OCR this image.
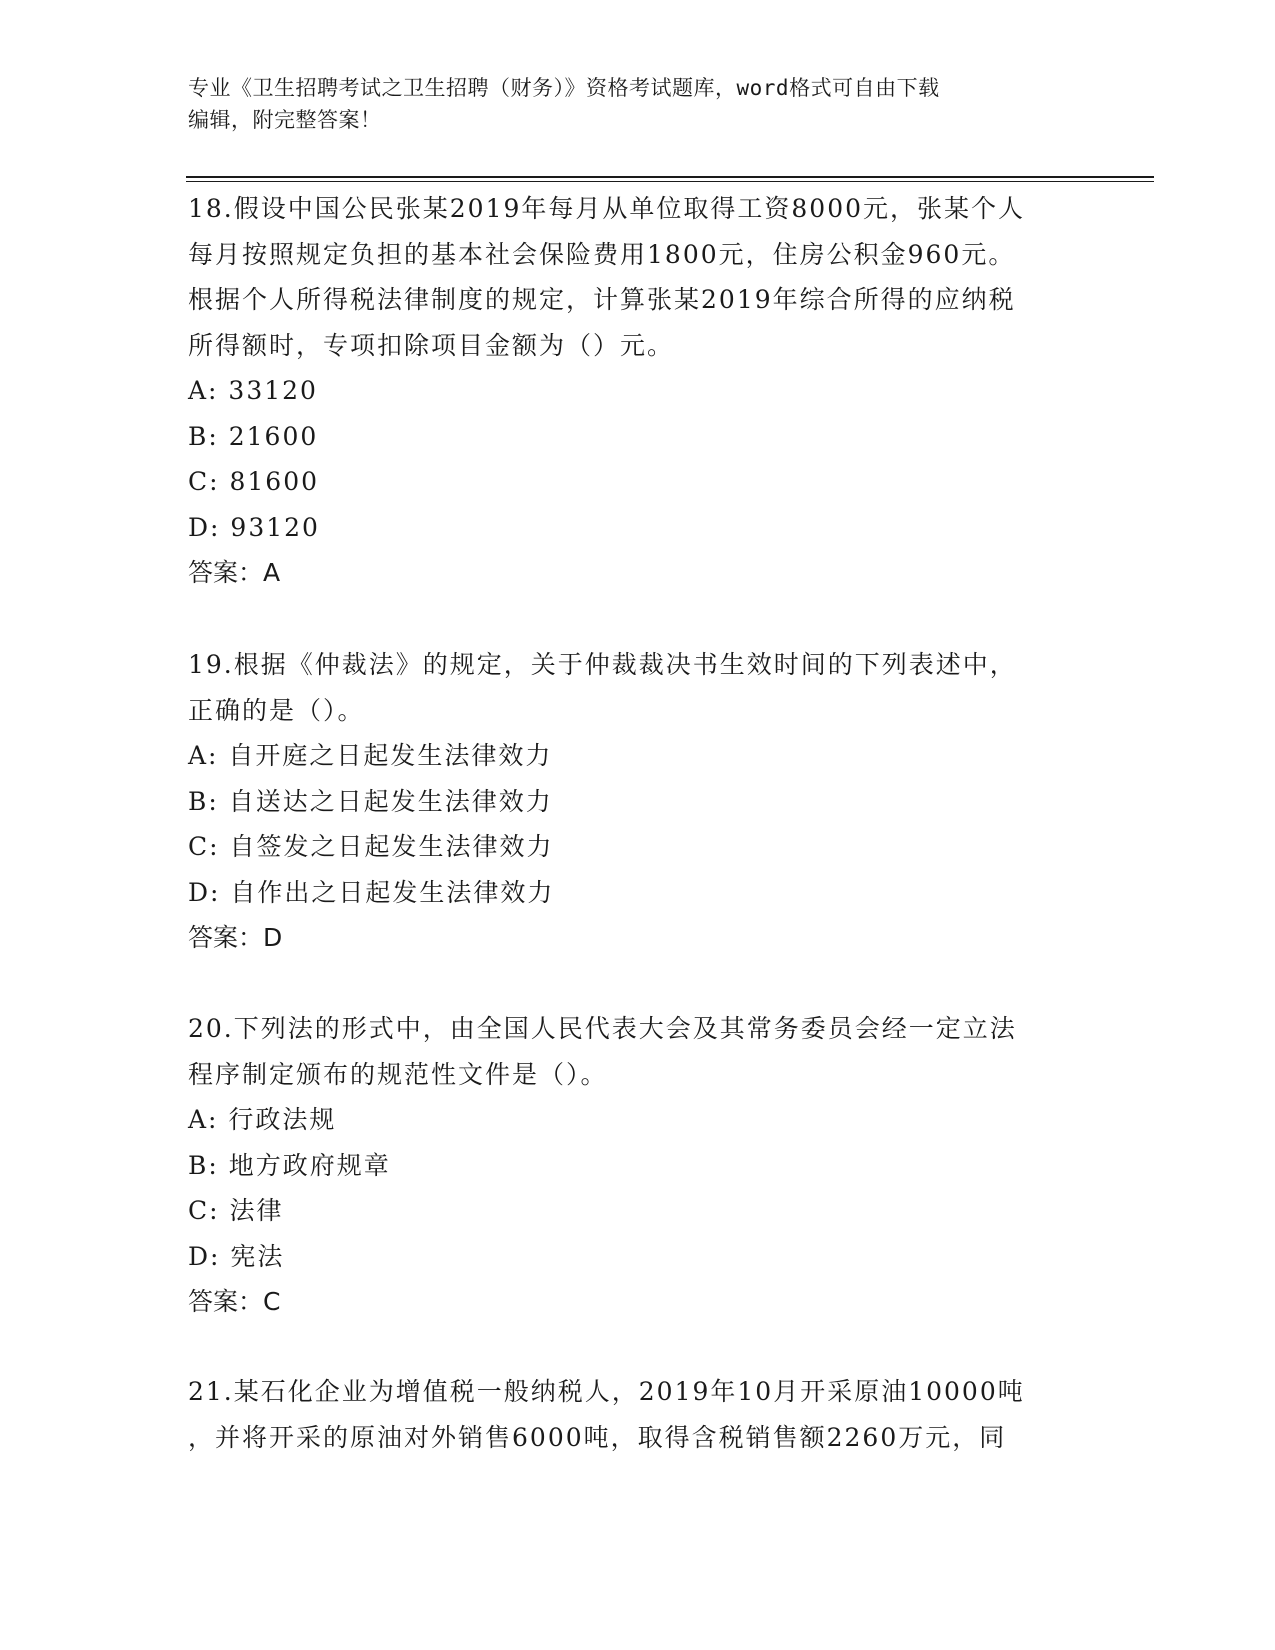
专业《卫生招聘考试之卫生招聘（财务）》资格考试题库，word格式可自由下载
编辑，附完整答案！
18.假设中国公民张某2019年每月从单位取得工资8000元，张某个人
每月按照规定负担的基本社会保险费用1800元，住房公积金960元。
根据个人所得税法律制度的规定，计算张某2019年综合所得的应纳税
所得额时，专项扣除项目金额为（）元。
A: 33120
B: 21600
C: 81600
D: 93120
答案：A
19.根据《仲裁法》的规定，关于仲裁裁决书生效时间的下列表述中，
正确的是（）。
A: 自开庭之日起发生法律效力
B: 自送达之日起发生法律效力
C: 自签发之日起发生法律效力
D: 自作出之日起发生法律效力
答案：D
20.下列法的形式中，由全国人民代表大会及其常务委员会经一定立法
程序制定颁布的规范性文件是（）。
A: 行政法规
B: 地方政府规章
C: 法律
D: 宪法
答案：C
21.某石化企业为增值税一般纳税人，2019年10月开采原油10000吨
，并将开采的原油对外销售6000吨，取得含税销售额2260万元，同
